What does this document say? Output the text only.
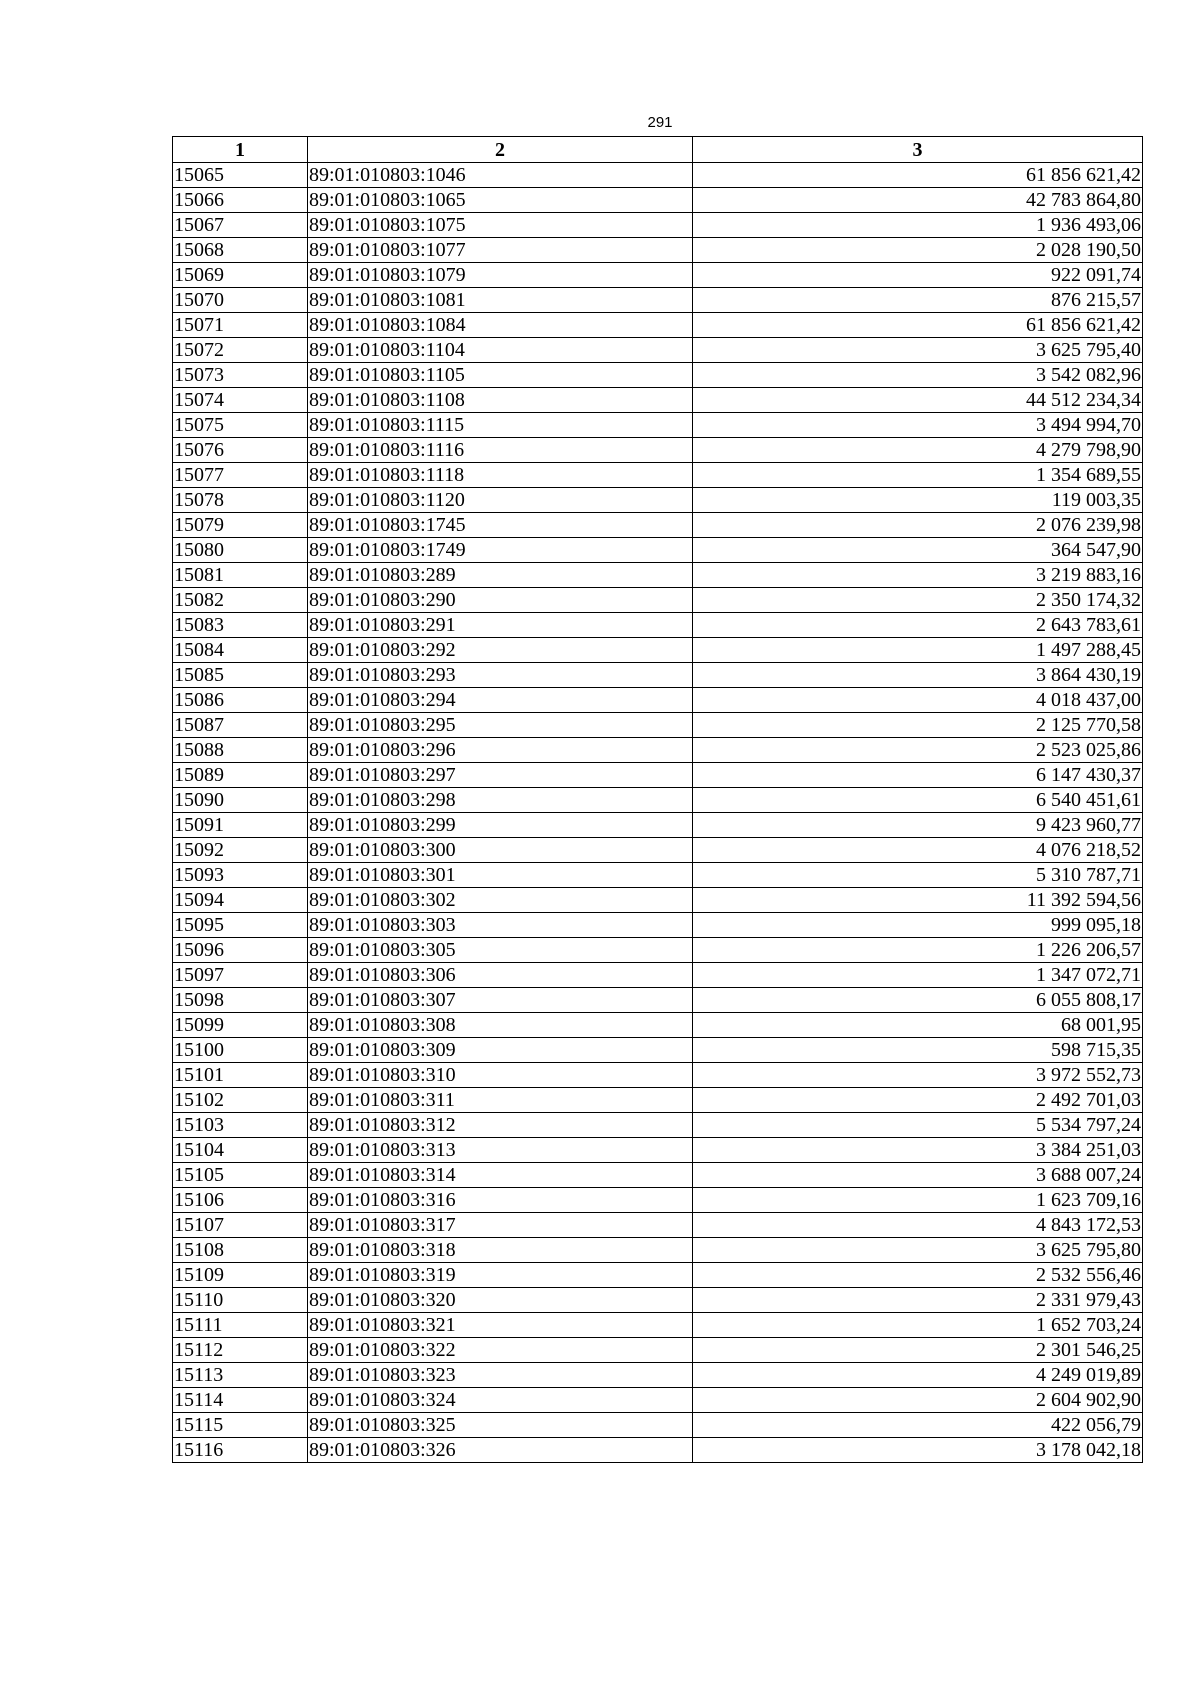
291
1	2	3
15065	89:01:010803:1046	61 856 621,42
15066	89:01:010803:1065	42 783 864,80
15067	89:01:010803:1075	1 936 493,06
15068	89:01:010803:1077	2 028 190,50
15069	89:01:010803:1079	922 091,74
15070	89:01:010803:1081	876 215,57
15071	89:01:010803:1084	61 856 621,42
15072	89:01:010803:1104	3 625 795,40
15073	89:01:010803:1105	3 542 082,96
15074	89:01:010803:1108	44 512 234,34
15075	89:01:010803:1115	3 494 994,70
15076	89:01:010803:1116	4 279 798,90
15077	89:01:010803:1118	1 354 689,55
15078	89:01:010803:1120	119 003,35
15079	89:01:010803:1745	2 076 239,98
15080	89:01:010803:1749	364 547,90
15081	89:01:010803:289	3 219 883,16
15082	89:01:010803:290	2 350 174,32
15083	89:01:010803:291	2 643 783,61
15084	89:01:010803:292	1 497 288,45
15085	89:01:010803:293	3 864 430,19
15086	89:01:010803:294	4 018 437,00
15087	89:01:010803:295	2 125 770,58
15088	89:01:010803:296	2 523 025,86
15089	89:01:010803:297	6 147 430,37
15090	89:01:010803:298	6 540 451,61
15091	89:01:010803:299	9 423 960,77
15092	89:01:010803:300	4 076 218,52
15093	89:01:010803:301	5 310 787,71
15094	89:01:010803:302	11 392 594,56
15095	89:01:010803:303	999 095,18
15096	89:01:010803:305	1 226 206,57
15097	89:01:010803:306	1 347 072,71
15098	89:01:010803:307	6 055 808,17
15099	89:01:010803:308	68 001,95
15100	89:01:010803:309	598 715,35
15101	89:01:010803:310	3 972 552,73
15102	89:01:010803:311	2 492 701,03
15103	89:01:010803:312	5 534 797,24
15104	89:01:010803:313	3 384 251,03
15105	89:01:010803:314	3 688 007,24
15106	89:01:010803:316	1 623 709,16
15107	89:01:010803:317	4 843 172,53
15108	89:01:010803:318	3 625 795,80
15109	89:01:010803:319	2 532 556,46
15110	89:01:010803:320	2 331 979,43
15111	89:01:010803:321	1 652 703,24
15112	89:01:010803:322	2 301 546,25
15113	89:01:010803:323	4 249 019,89
15114	89:01:010803:324	2 604 902,90
15115	89:01:010803:325	422 056,79
15116	89:01:010803:326	3 178 042,18
